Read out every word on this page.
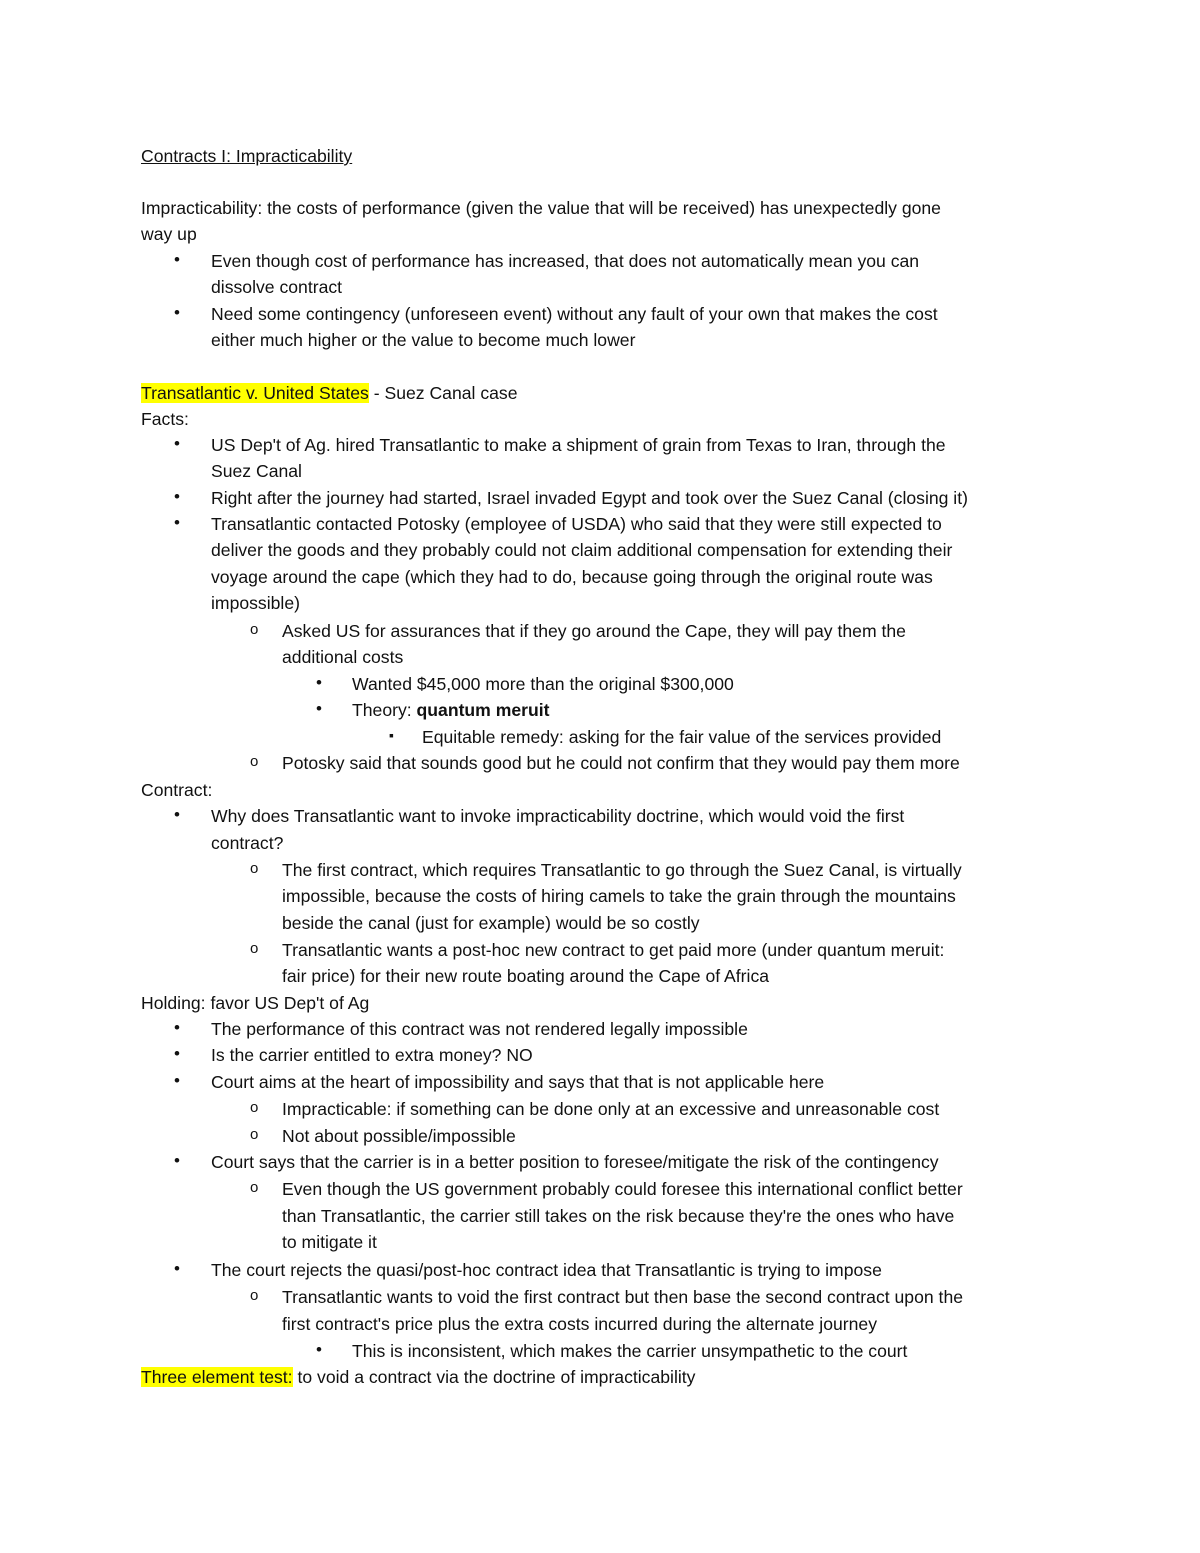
Contracts I: Impracticability
Impracticability: the costs of performance (given the value that will be received) has unexpectedly gone
way up
• Even though cost of performance has increased, that does not automatically mean you can
dissolve contract
• Need some contingency (unforeseen event) without any fault of your own that makes the cost
either much higher or the value to become much lower
Transatlantic v. United States - Suez Canal case
Facts:
• US Dep't of Ag. hired Transatlantic to make a shipment of grain from Texas to Iran, through the
Suez Canal
• Right after the journey had started, Israel invaded Egypt and took over the Suez Canal (closing it)
• Transatlantic contacted Potosky (employee of USDA) who said that they were still expected to
deliver the goods and they probably could not claim additional compensation for extending their
voyage around the cape (which they had to do, because going through the original route was
impossible)
o Asked US for assurances that if they go around the Cape, they will pay them the
additional costs
• Wanted $45,000 more than the original $300,000
• Theory: quantum meruit
▪ Equitable remedy: asking for the fair value of the services provided
o Potosky said that sounds good but he could not confirm that they would pay them more
Contract:
• Why does Transatlantic want to invoke impracticability doctrine, which would void the first
contract?
o The first contract, which requires Transatlantic to go through the Suez Canal, is virtually
impossible, because the costs of hiring camels to take the grain through the mountains
beside the canal (just for example) would be so costly
o Transatlantic wants a post-hoc new contract to get paid more (under quantum meruit:
fair price) for their new route boating around the Cape of Africa
Holding: favor US Dep't of Ag
• The performance of this contract was not rendered legally impossible
• Is the carrier entitled to extra money? NO
• Court aims at the heart of impossibility and says that that is not applicable here
o Impracticable: if something can be done only at an excessive and unreasonable cost
o Not about possible/impossible
• Court says that the carrier is in a better position to foresee/mitigate the risk of the contingency
o Even though the US government probably could foresee this international conflict better
than Transatlantic, the carrier still takes on the risk because they're the ones who have
to mitigate it
• The court rejects the quasi/post-hoc contract idea that Transatlantic is trying to impose
o Transatlantic wants to void the first contract but then base the second contract upon the
first contract's price plus the extra costs incurred during the alternate journey
• This is inconsistent, which makes the carrier unsympathetic to the court
Three element test: to void a contract via the doctrine of impracticability
